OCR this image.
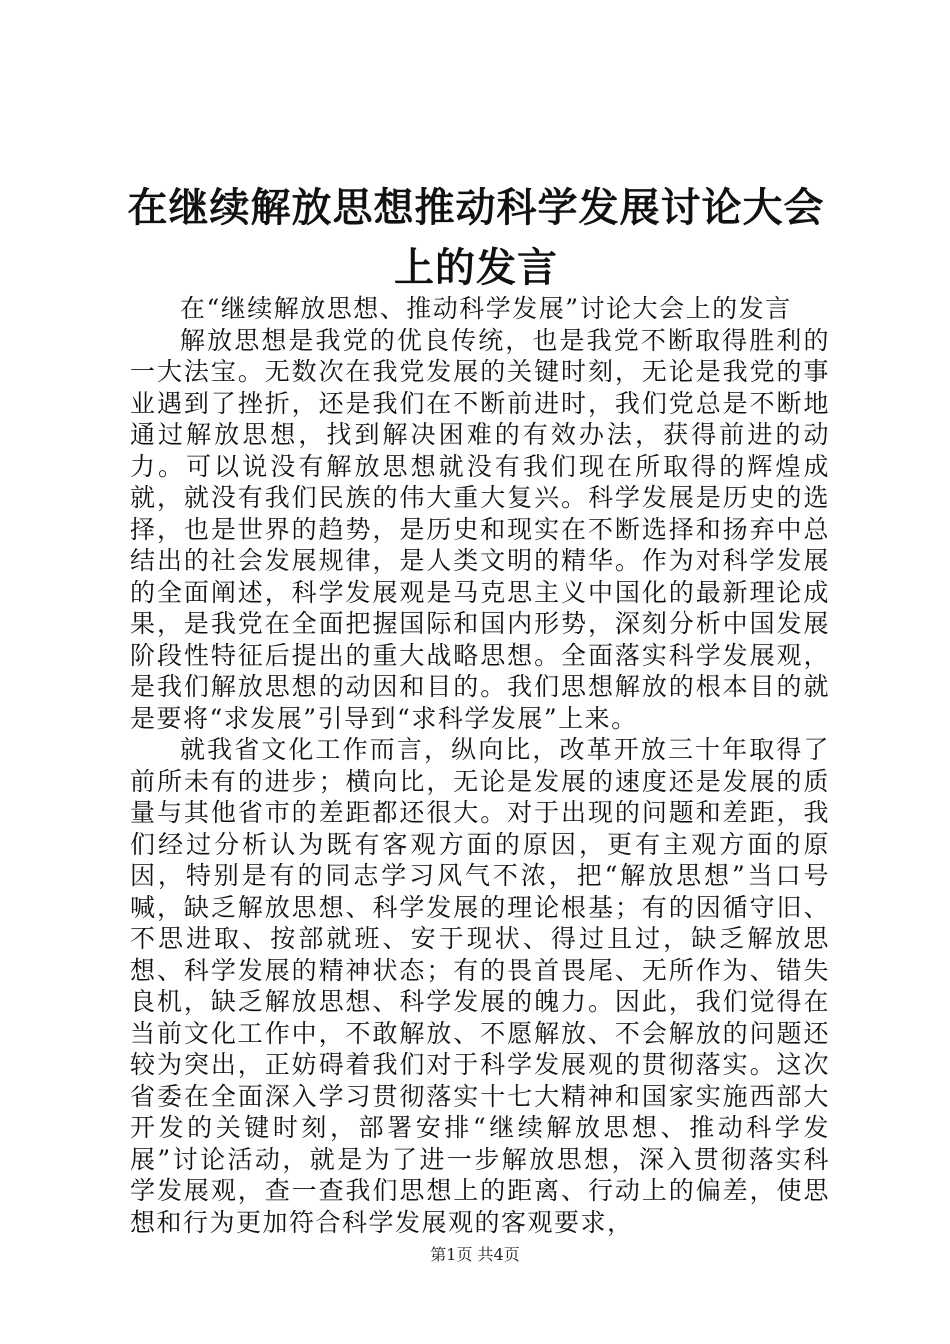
在继续解放思想推动科学发展讨论大会上的发言

在“继续解放思想、推动科学发展”讨论大会上的发言

解放思想是我党的优良传统，也是我党不断取得胜利的一大法宝。无数次在我党发展的关键时刻，无论是我党的事业遇到了挫折，还是我们在不断前进时，我们党总是不断地通过解放思想，找到解决困难的有效办法，获得前进的动力。可以说没有解放思想就没有我们现在所取得的辉煌成就，就没有我们民族的伟大重大复兴。科学发展是历史的选择，也是世界的趋势，是历史和现实在不断选择和扬弃中总结出的社会发展规律，是人类文明的精华。作为对科学发展的全面阐述，科学发展观是马克思主义中国化的最新理论成果，是我党在全面把握国际和国内形势，深刻分析中国发展阶段性特征后提出的重大战略思想。全面落实科学发展观，是我们解放思想的动因和目的。我们思想解放的根本目的就是要将“求发展”引导到“求科学发展”上来。

就我省文化工作而言，纵向比，改革开放三十年取得了前所未有的进步；横向比，无论是发展的速度还是发展的质量与其他省市的差距都还很大。对于出现的问题和差距，我们经过分析认为既有客观方面的原因，更有主观方面的原因，特别是有的同志学习风气不浓，把“解放思想”当口号喊，缺乏解放思想、科学发展的理论根基；有的因循守旧、不思进取、按部就班、安于现状、得过且过，缺乏解放思想、科学发展的精神状态；有的畏首畏尾、无所作为、错失良机，缺乏解放思想、科学发展的魄力。因此，我们觉得在当前文化工作中，不敢解放、不愿解放、不会解放的问题还较为突出，正妨碍着我们对于科学发展观的贯彻落实。这次省委在全面深入学习贯彻落实十七大精神和国家实施西部大开发的关键时刻，部署安排“继续解放思想、推动科学发展”讨论活动，就是为了进一步解放思想，深入贯彻落实科学发展观，查一查我们思想上的距离、行动上的偏差，使思想和行为更加符合科学发展观的客观要求，

第1页 共4页
